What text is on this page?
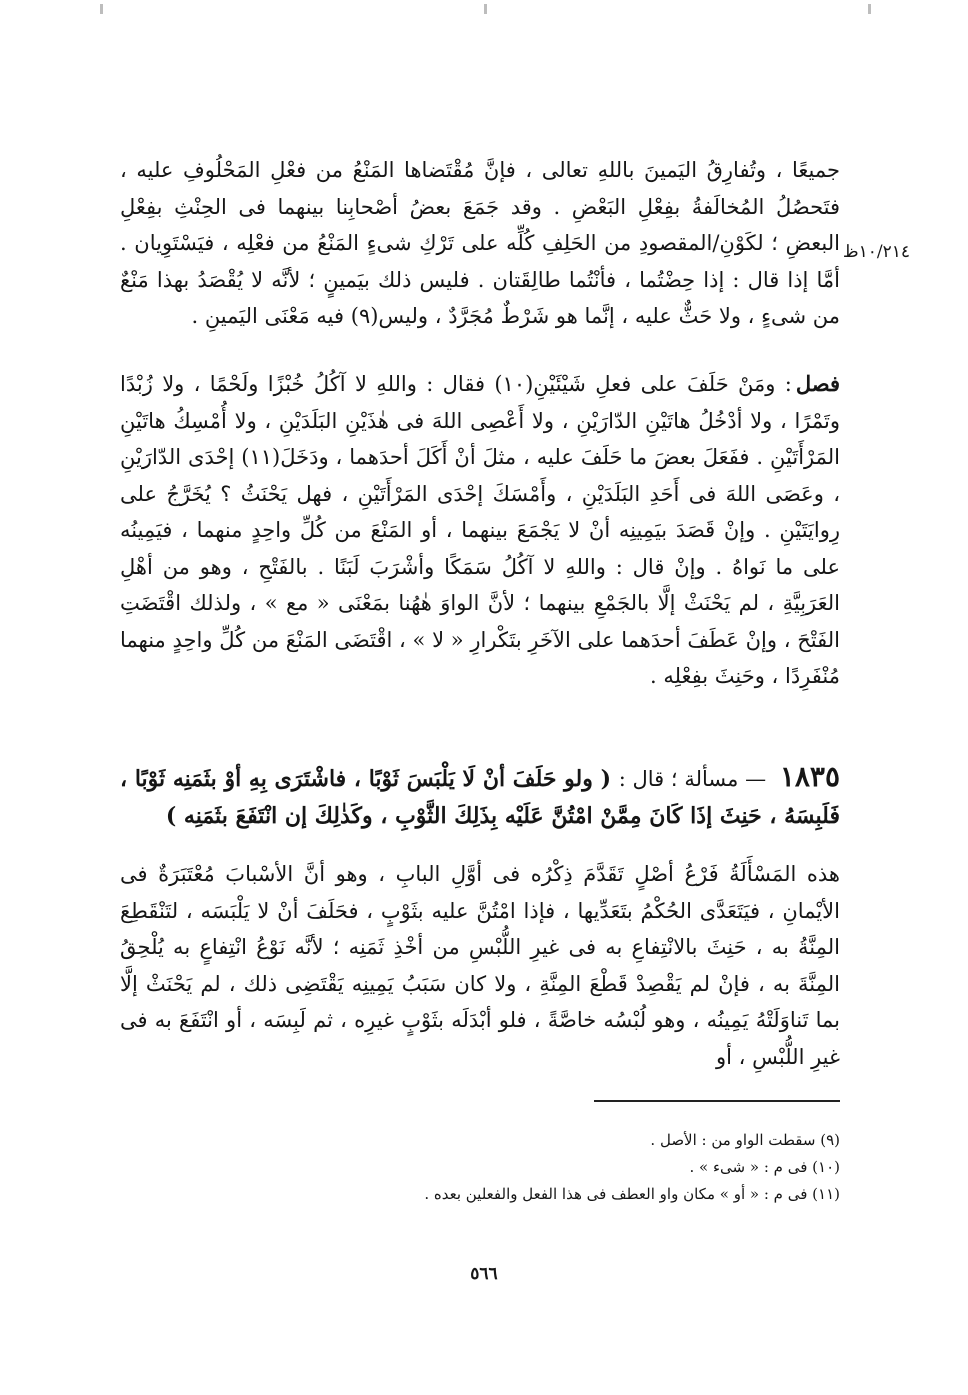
١٠/٢١٤ظ

جميعًا ، وتُفارِقُ اليَمينَ باللهِ تعالى ، فإنَّ مُقْتَضاها المَنْعُ من فعْلِ المَحْلُوفِ عليه ، فتَحصُلُ المُخالَفةُ بفِعْلِ البَعْضِ . وقد جَمَعَ بعضُ أصْحابِنا بينهما فى الحِنْثِ بفِعْلِ البعضِ ؛ لكَوْنِ/المقصودِ من الحَلِفِ كُلِّه على تَرْكِ شىءٍ المَنْعُ من فعْلِه ، فيَسْتَوِيان . أمَّا إذا قال : إذا حِضْتُما ، فأنْتُما طالِقَتان . فليس ذلك بيَمينٍ ؛ لأنَّه لا يُقْصَدُ بهذا مَنْعٌ من شىءٍ ، ولا حَثٌّ عليه ، إنَّما هو شَرْطٌ مُجَرَّدٌ ، وليس(٩) فيه مَعْنَى اليَمينِ .

فصل: ومَنْ حَلَفَ على فعلِ شَيْئَيْنِ(١٠) فقال : واللهِ لا آكُلُ خُبْزًا ولَحْمًا ، ولا زُبْدًا وتَمْرًا ، ولا أدْخُلُ هاتَيْنِ الدّارَيْنِ ، ولا أَعْصِى اللهَ فى هٰذَيْنِ البَلَدَيْنِ ، ولا أُمْسِكُ هاتَيْنِ المَرْأَتَيْنِ . ففَعَلَ بعضَ ما حَلَفَ عليه ، مثلَ أنْ أَكَلَ أحدَهما ، ودَخَلَ(١١) إحْدَى الدّارَيْنِ ، وعَصَى اللهَ فى أَحَدِ البَلَدَيْنِ ، وأَمْسَكَ إحْدَى المَرْأَتَيْنِ ، فهل يَحْنَثُ ؟ يُخَرَّجُ على رِوايَتَيْنِ . وإنْ قَصَدَ بيَمِينِه أنْ لا يَجْمَعَ بينهما ، أو المَنْعَ من كُلِّ واحِدٍ منهما ، فيَمِينُه على ما نَواهُ . وإنْ قال : واللهِ لا آكُلُ سَمَكًا وأشْرَبَ لَبَنًا . بالفَتْحِ ، وهو من أهْلِ العَرَبِيَّةِ ، لم يَحْنَثْ إلَّا بالجَمْعِ بينهما ؛ لأنَّ الواوَ هٰهُنا بمَعْنَى « مع » ، ولذلك اقْتَضَتِ الفَتْحَ ، وإنْ عَطَفَ أحدَهما على الآخَرِ بتَكْرارِ « لا » ، اقْتَضَى المَنْعَ من كُلِّ واحِدٍ منهما مُنْفَرِدًا ، وحَنِثَ بفِعْلِه .

١٨٣٥ — مسألة ؛ قال : ( ولو حَلَفَ أنْ لَا يَلْبَسَ ثَوْبًا ، فاشْتَرَى بِهِ أوْ بثَمَنِه ثَوْبًا ، فَلَبِسَهُ ، حَنِثَ إذَا كَانَ مِمَّنْ امْتُنَّ عَلَيْه بِذَلِكَ الثَّوْبِ ، وكَذٰلِكَ إن انْتَفَعَ بثَمَنِه )

هذه المَسْأَلَةُ فَرْعُ أصْلٍ تَقَدَّمَ ذِكْرُه فى أوَّلِ البابِ ، وهو أنَّ الأسْبابَ مُعْتَبَرَةٌ فى الأيْمانِ ، فيَتَعَدَّى الحُكْمُ بتَعَدِّيها ، فإذا امْتُنَّ عليه بثَوْبٍ ، فحَلَفَ أنْ لا يَلْبَسَه ، لتَنْقَطِعَ المِنَّةُ به ، حَنِثَ بالانْتِفاعِ به فى غيرِ اللُّبْسِ من أخْذِ ثَمَنِه ؛ لأنَّه نَوْعُ انْتِفاعٍ به يُلْحِقُ المِنَّةَ به ، فإنْ لم يَقْصِدْ قَطْعَ المِنَّةِ ، ولا كان سَبَبُ يَمِينِه يَقْتَضِى ذلك ، لم يَحْنَثْ إلَّا بما تَناوَلَتْهُ يَمِينُه ، وهو لُبْسُه خاصَّةً ، فلو أبْدَلَه بثَوْبٍ غيرِه ، ثم لَبِسَه ، أو انْتَفَعَ به فى غيرِ اللُّبْسِ ، أو

(٩) سقطت الواو من : الأصل .

(١٠) فى م : « شىء » .

(١١) فى م : « أو » مكان واو العطف فى هذا الفعل والفعلين بعده .

٥٦٦
